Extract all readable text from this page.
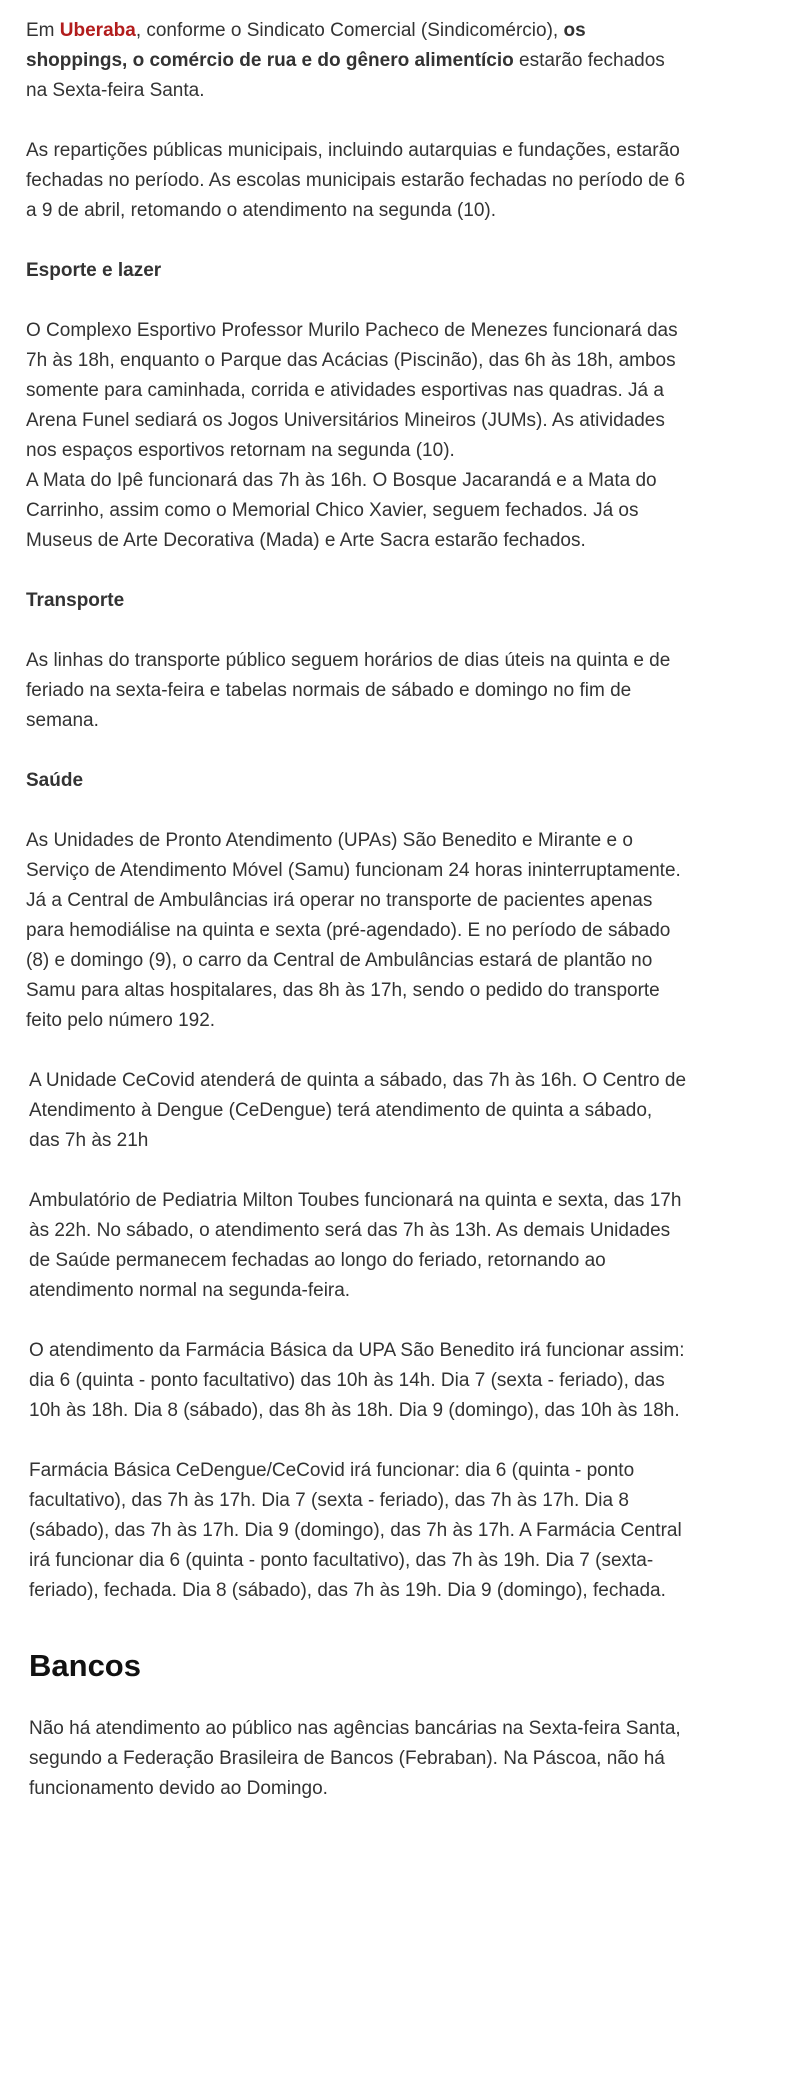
Em Uberaba, conforme o Sindicato Comercial (Sindicomércio), os shoppings, o comércio de rua e do gênero alimentício estarão fechados na Sexta-feira Santa.

As repartições públicas municipais, incluindo autarquias e fundações, estarão fechadas no período. As escolas municipais estarão fechadas no período de 6 a 9 de abril, retomando o atendimento na segunda (10).

Esporte e lazer

O Complexo Esportivo Professor Murilo Pacheco de Menezes funcionará das 7h às 18h, enquanto o Parque das Acácias (Piscinão), das 6h às 18h, ambos somente para caminhada, corrida e atividades esportivas nas quadras. Já a Arena Funel sediará os Jogos Universitários Mineiros (JUMs). As atividades nos espaços esportivos retornam na segunda (10).

A Mata do Ipê funcionará das 7h às 16h. O Bosque Jacarandá e a Mata do Carrinho, assim como o Memorial Chico Xavier, seguem fechados. Já os Museus de Arte Decorativa (Mada) e Arte Sacra estarão fechados.

Transporte

As linhas do transporte público seguem horários de dias úteis na quinta e de feriado na sexta-feira e tabelas normais de sábado e domingo no fim de semana.

Saúde

As Unidades de Pronto Atendimento (UPAs) São Benedito e Mirante e o Serviço de Atendimento Móvel (Samu) funcionam 24 horas ininterruptamente.

Já a Central de Ambulâncias irá operar no transporte de pacientes apenas para hemodiálise na quinta e sexta (pré-agendado). E no período de sábado (8) e domingo (9), o carro da Central de Ambulâncias estará de plantão no Samu para altas hospitalares, das 8h às 17h, sendo o pedido do transporte feito pelo número 192.

A Unidade CeCovid atenderá de quinta a sábado, das 7h às 16h. O Centro de Atendimento à Dengue (CeDengue) terá atendimento de quinta a sábado, das 7h às 21h

Ambulatório de Pediatria Milton Toubes funcionará na quinta e sexta, das 17h às 22h. No sábado, o atendimento será das 7h às 13h. As demais Unidades de Saúde permanecem fechadas ao longo do feriado, retornando ao atendimento normal na segunda-feira.

O atendimento da Farmácia Básica da UPA São Benedito irá funcionar assim: dia 6 (quinta - ponto facultativo) das 10h às 14h. Dia 7 (sexta - feriado), das 10h às 18h. Dia 8 (sábado), das 8h às 18h. Dia 9 (domingo), das 10h às 18h.

Farmácia Básica CeDengue/CeCovid irá funcionar: dia 6 (quinta - ponto facultativo), das 7h às 17h. Dia 7 (sexta - feriado), das 7h às 17h. Dia 8 (sábado), das 7h às 17h. Dia 9 (domingo), das 7h às 17h. A Farmácia Central irá funcionar dia 6 (quinta - ponto facultativo), das 7h às 19h. Dia 7 (sexta- feriado), fechada. Dia 8 (sábado), das 7h às 19h. Dia 9 (domingo), fechada.

Bancos

Não há atendimento ao público nas agências bancárias na Sexta-feira Santa, segundo a Federação Brasileira de Bancos (Febraban). Na Páscoa, não há funcionamento devido ao Domingo.
